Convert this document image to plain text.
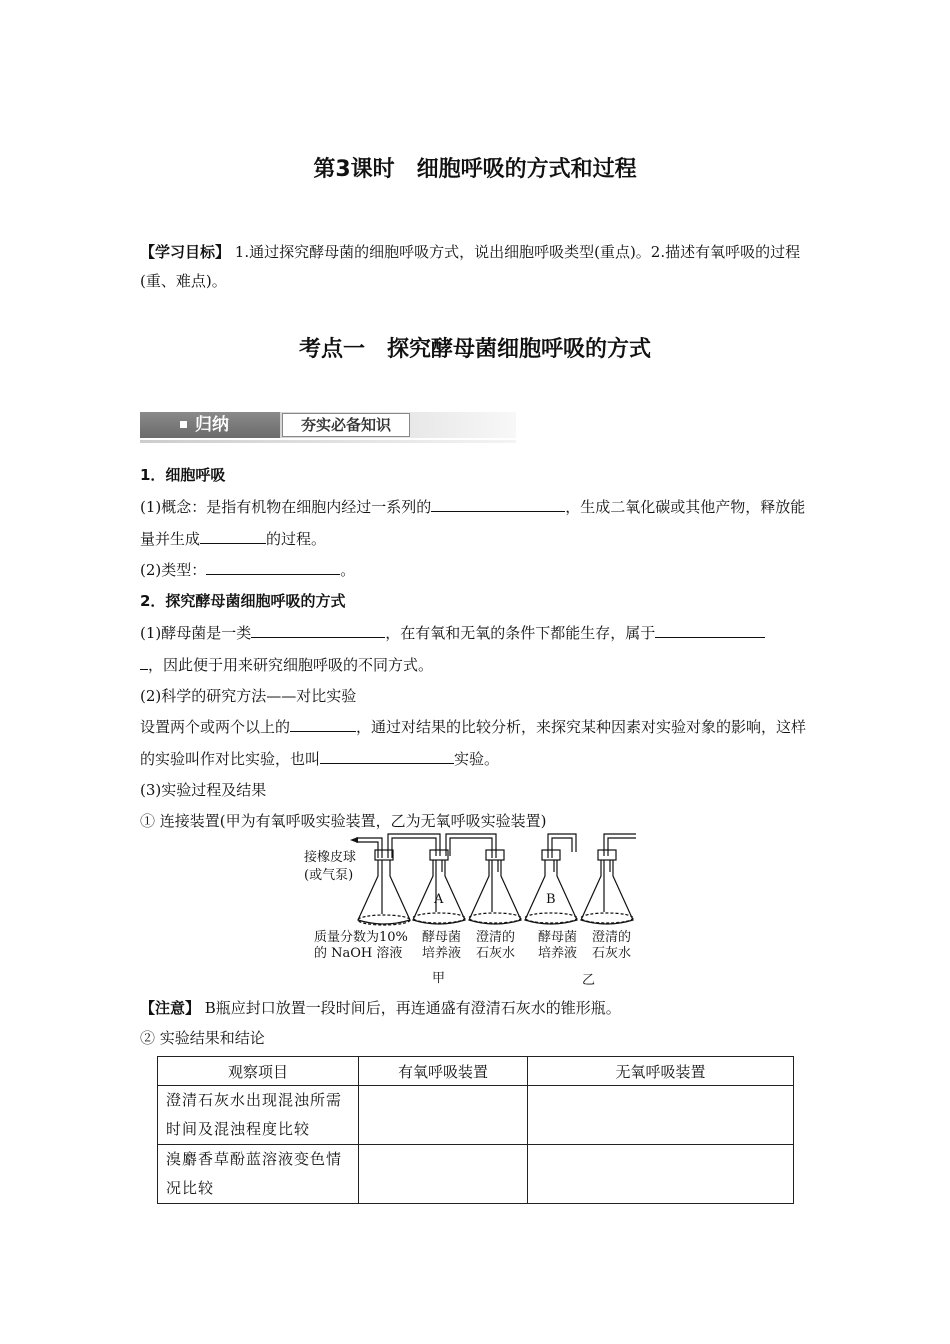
第3课时　细胞呼吸的方式和过程
【学习目标】 1.通过探究酵母菌的细胞呼吸方式，说出细胞呼吸类型(重点)。2.描述有氧呼吸的过程(重、难点)。
考点一　探究酵母菌细胞呼吸的方式
归纳	夯实必备知识

1．细胞呼吸

(1)概念：是指有机物在细胞内经过一系列的	，生成二氧化碳或其他产物，释放能量并生成	的过程。

(2)类型：	。

2．探究酵母菌细胞呼吸的方式

(1)酵母菌是一类	，在有氧和无氧的条件下都能生存，属于
，因此便于用来研究细胞呼吸的不同方式。

(2)科学的研究方法——对比实验

设置两个或两个以上的	，通过对结果的比较分析，来探究某种因素对实验对象的影响，这样的实验叫作对比实验，也叫	实验。

(3)实验过程及结果

① 连接装置(甲为有氧呼吸实验装置，乙为无氧呼吸实验装置)

接橡皮球
(或气泵)
A	B
质量分数为10%
的 NaOH 溶液
酵母菌
培养液
澄清的
石灰水
酵母菌
培养液
澄清的
石灰水
甲	乙
【注意】 B瓶应封口放置一段时间后，再连通盛有澄清石灰水的锥形瓶。
② 实验结果和结论
观察项目	有氧呼吸装置	无氧呼吸装置
澄清石灰水出现混浊所需时间及混浊程度比较		
溴麝香草酚蓝溶液变色情况比较		
